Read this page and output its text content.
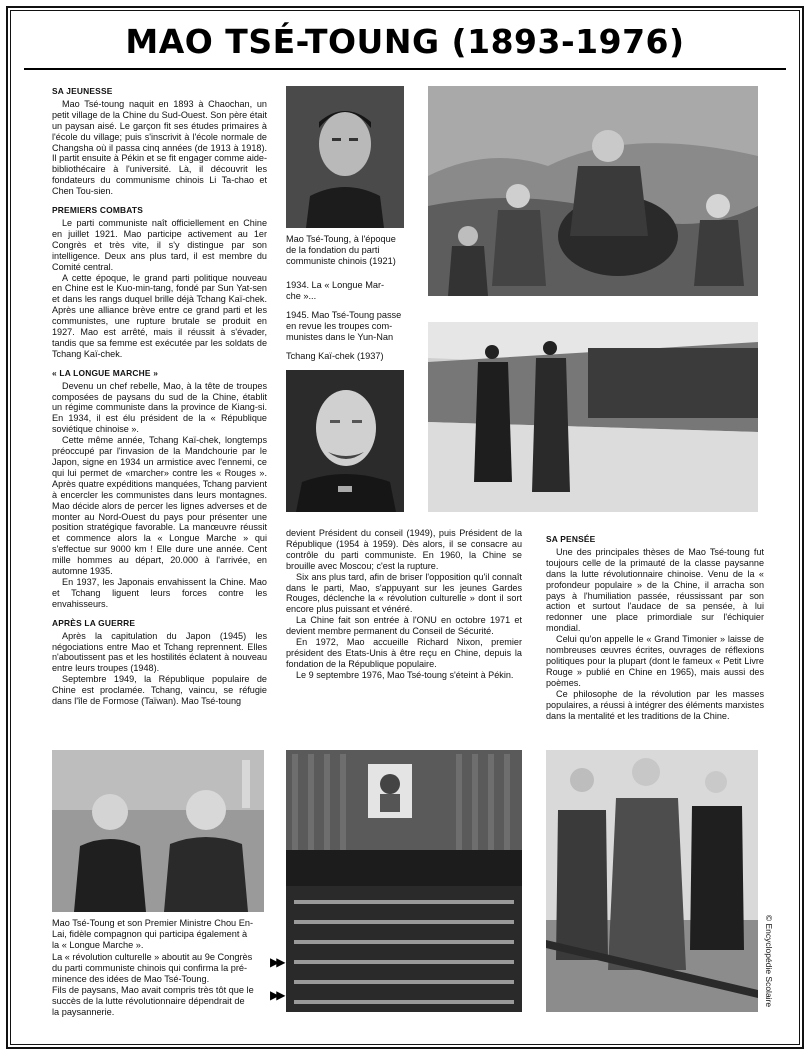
MAO TSÉ-TOUNG (1893-1976)
SA JEUNESSE

Mao Tsé-toung naquit en 1893 à Chaochan, un petit village de la Chine du Sud-Ouest. Son père était un paysan aisé. Le garçon fit ses études primaires à l'école du village; puis s'inscrivit à l'école normale de Changsha où il passa cinq années (de 1913 à 1918). Il partit ensuite à Pékin et se fit engager comme aide-bibliothécaire à l'université. Là, il découvrit les fondateurs du communisme chinois Li Ta-chao et Chen Tou-sien.

PREMIERS COMBATS

Le parti communiste naît officiellement en Chine en juillet 1921. Mao participe activement au 1er Congrès et très vite, il s'y distingue par son intelligence. Deux ans plus tard, il est membre du Comité central.

A cette époque, le grand parti politique nouveau en Chine est le Kuo-min-tang, fondé par Sun Yat-sen et dans les rangs duquel brille déjà Tchang Kaï-chek. Après une alliance brève entre ce grand parti et les communistes, une rupture brutale se produit en 1927. Mao est arrêté, mais il réussit à s'évader, tandis que sa femme est exécutée par les soldats de Tchang Kaï-chek.

« LA LONGUE MARCHE »

Devenu un chef rebelle, Mao, à la tête de troupes composées de paysans du sud de la Chine, établit un régime communiste dans la province de Kiang-si. En 1934, il est élu président de la « République soviétique chinoise ».

Cette même année, Tchang Kaï-chek, longtemps préoccupé par l'invasion de la Mandchourie par le Japon, signe en 1934 un armistice avec l'ennemi, ce qui lui permet de «marcher» contre les « Rouges ». Après quatre expéditions manquées, Tchang parvient à encercler les communistes dans leurs montagnes. Mao décide alors de percer les lignes adverses et de monter au Nord-Ouest du pays pour présenter une position stratégique favorable. La manœuvre réussit et commence alors la « Longue Marche » qui s'effectue sur 9000 km ! Elle dure une année. Cent mille hommes au départ, 20.000 à l'arrivée, en automne 1935.

En 1937, les Japonais envahissent la Chine. Mao et Tchang liguent leurs forces contre les envahisseurs.

APRÈS LA GUERRE

Après la capitulation du Japon (1945) les négociations entre Mao et Tchang reprennent. Elles n'aboutissent pas et les hostilités éclatent à nouveau entre leurs troupes (1948).

Septembre 1949, la République populaire de Chine est proclamée. Tchang, vaincu, se réfugie dans l'île de Formose (Taïwan). Mao Tsé-toung

devient Président du conseil (1949), puis Président de la République (1954 à 1959). Dès alors, il se consacre au contrôle du parti communiste. En 1960, la Chine se brouille avec Moscou; c'est la rupture.

Six ans plus tard, afin de briser l'opposition qu'il connaît dans le parti, Mao, s'appuyant sur les jeunes Gardes Rouges, déclenche la « révolution culturelle » dont il sort encore plus puissant et vénéré.

La Chine fait son entrée à l'ONU en octobre 1971 et devient membre permanent du Conseil de Sécurité.

En 1972, Mao accueille Richard Nixon, premier président des Etats-Unis à être reçu en Chine, depuis la fondation de la République populaire.

Le 9 septembre 1976, Mao Tsé-toung s'éteint à Pékin.

SA PENSÉE

Une des principales thèses de Mao Tsé-toung fut toujours celle de la primauté de la classe paysanne dans la lutte révolutionnaire chinoise. Venu de la « profondeur populaire » de la Chine, il arracha son pays à l'humiliation passée, réussissant par son action et surtout l'audace de sa pensée, à lui redonner une place primordiale sur l'échiquier mondial.

Celui qu'on appelle le « Grand Timonier » laisse de nombreuses œuvres écrites, ouvrages de réflexions politiques pour la plupart (dont le fameux « Petit Livre Rouge » publié en Chine en 1965), mais aussi des poèmes.

Ce philosophe de la révolution par les masses populaires, a réussi à intégrer des éléments marxistes dans la mentalité et les traditions de la Chine.

Mao Tsé-Toung, à l'époque
de la fondation du parti
communiste chinois (1921)
1934. La « Longue Mar-
che »...
1945. Mao Tsé-Toung passe
en revue les troupes com-
munistes dans le Yun-Nan
Tchang Kaï-chek (1937)
Mao Tsé-Toung et son Premier Ministre Chou En-
Lai, fidèle compagnon qui participa également à
la « Longue Marche ».
La « révolution culturelle » aboutit au 9e Congrès
du parti communiste chinois qui confirma la pré-
minence des idées de Mao Tsé-Toung.
Fils de paysans, Mao avait compris très tôt que le
succès de la lutte révolutionnaire dépendrait de
la paysannerie.
▶▶
▶▶	© Encyclopédie Scolaire
